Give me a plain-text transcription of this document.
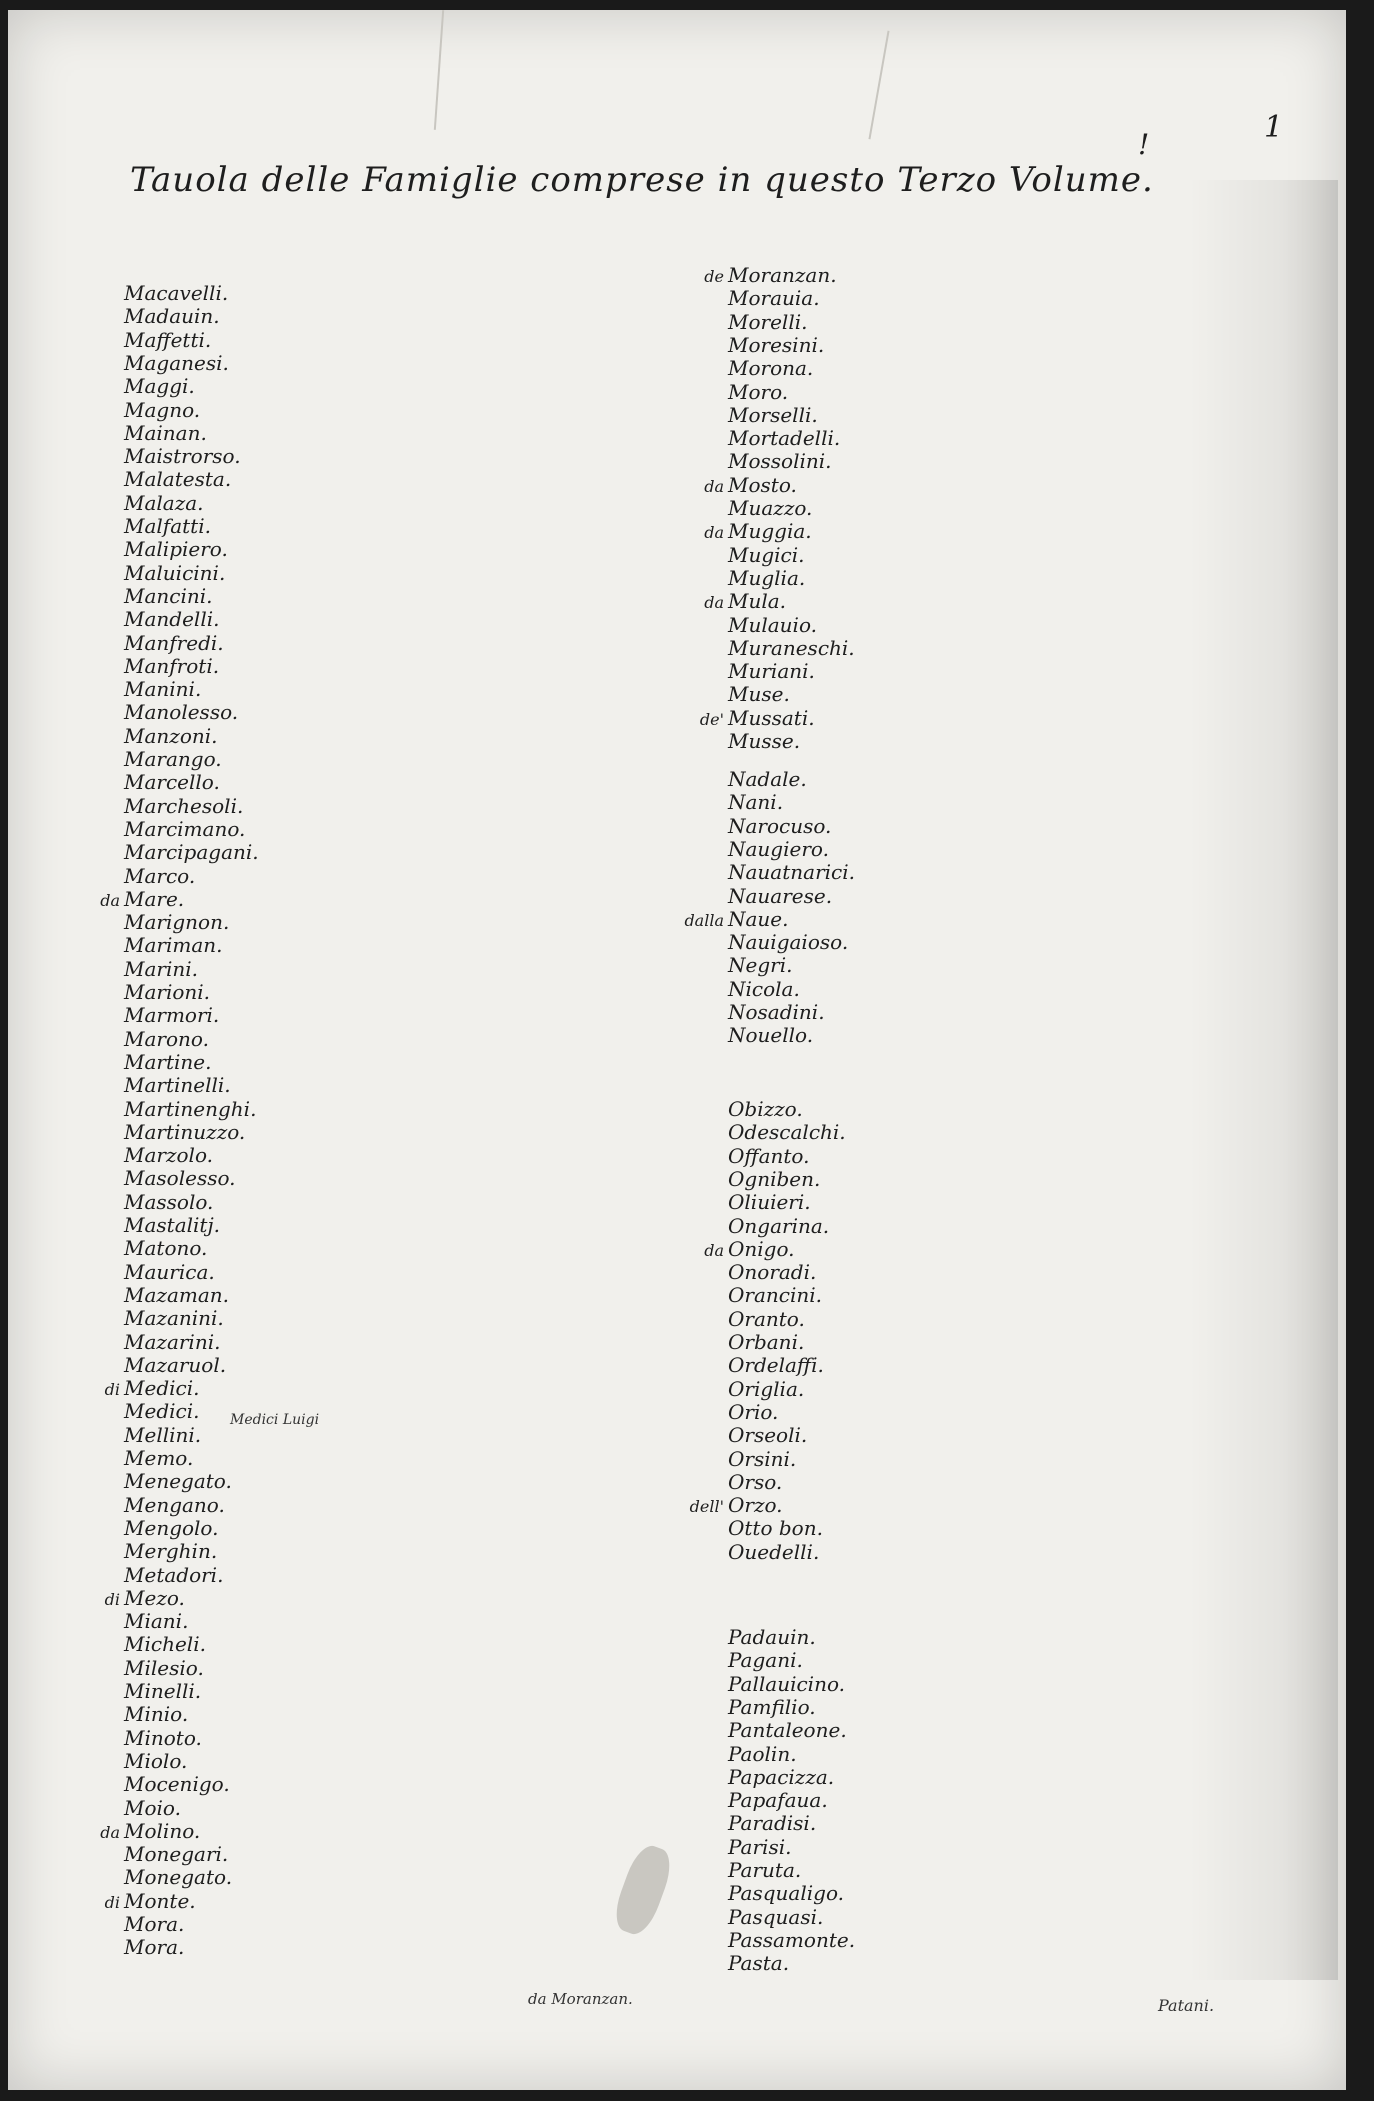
1
!
Tauola delle Famiglie comprese in questo Terzo Volume.
Macavelli.
Madauin.
Maffetti.
Maganesi.
Maggi.
Magno.
Mainan.
Maistrorso.
Malatesta.
Malaza.
Malfatti.
Malipiero.
Maluicini.
Mancini.
Mandelli.
Manfredi.
Manfroti.
Manini.
Manolesso.
Manzoni.
Marango.
Marcello.
Marchesoli.
Marcimano.
Marcipagani.
Marco.
da Mare.
Marignon.
Mariman.
Marini.
Marioni.
Marmori.
Marono.
Martine.
Martinelli.
Martinenghi.
Martinuzzo.
Marzolo.
Masolesso.
Massolo.
Mastalitj.
Matono.
Maurica.
Mazaman.
Mazanini.
Mazarini.
Mazaruol.
di Medici.
Medici.
Mellini.
Memo.
Menegato.
Mengano.
Mengolo.
Merghin.
Metadori.
di Mezo.
Miani.
Micheli.
Milesio.
Minelli.
Minio.
Minoto.
Miolo.
Mocenigo.
Moio.
da Molino.
Monegari.
Monegato.
di Monte.
Mora.
Mora.
de Moranzan.
Morauia.
Morelli.
Moresini.
Morona.
Moro.
Morselli.
Mortadelli.
Mossolini.
da Mosto.
Muazzo.
da Muggia.
Mugici.
Muglia.
da Mula.
Mulauio.
Muraneschi.
Muriani.
Muse.
de' Mussati.
Musse.
Nadale.
Nani.
Narocuso.
Naugiero.
Nauatnarici.
Nauarese.
dalla Naue.
Nauigaioso.
Negri.
Nicola.
Nosadini.
Nouello.
Obizzo.
Odescalchi.
Offanto.
Ogniben.
Oliuieri.
Ongarina.
da Onigo.
Onoradi.
Orancini.
Oranto.
Orbani.
Ordelaffi.
Origlia.
Orio.
Orseoli.
Orsini.
Orso.
dell' Orzo.
Otto bon.
Ouedelli.
Padauin.
Pagani.
Pallauicino.
Pamfilio.
Pantaleone.
Paolin.
Papacizza.
Papafaua.
Paradisi.
Parisi.
Paruta.
Pasqualigo.
Pasquasi.
Passamonte.
Pasta.
Medici Luigi
da Moranzan.	Patani.
